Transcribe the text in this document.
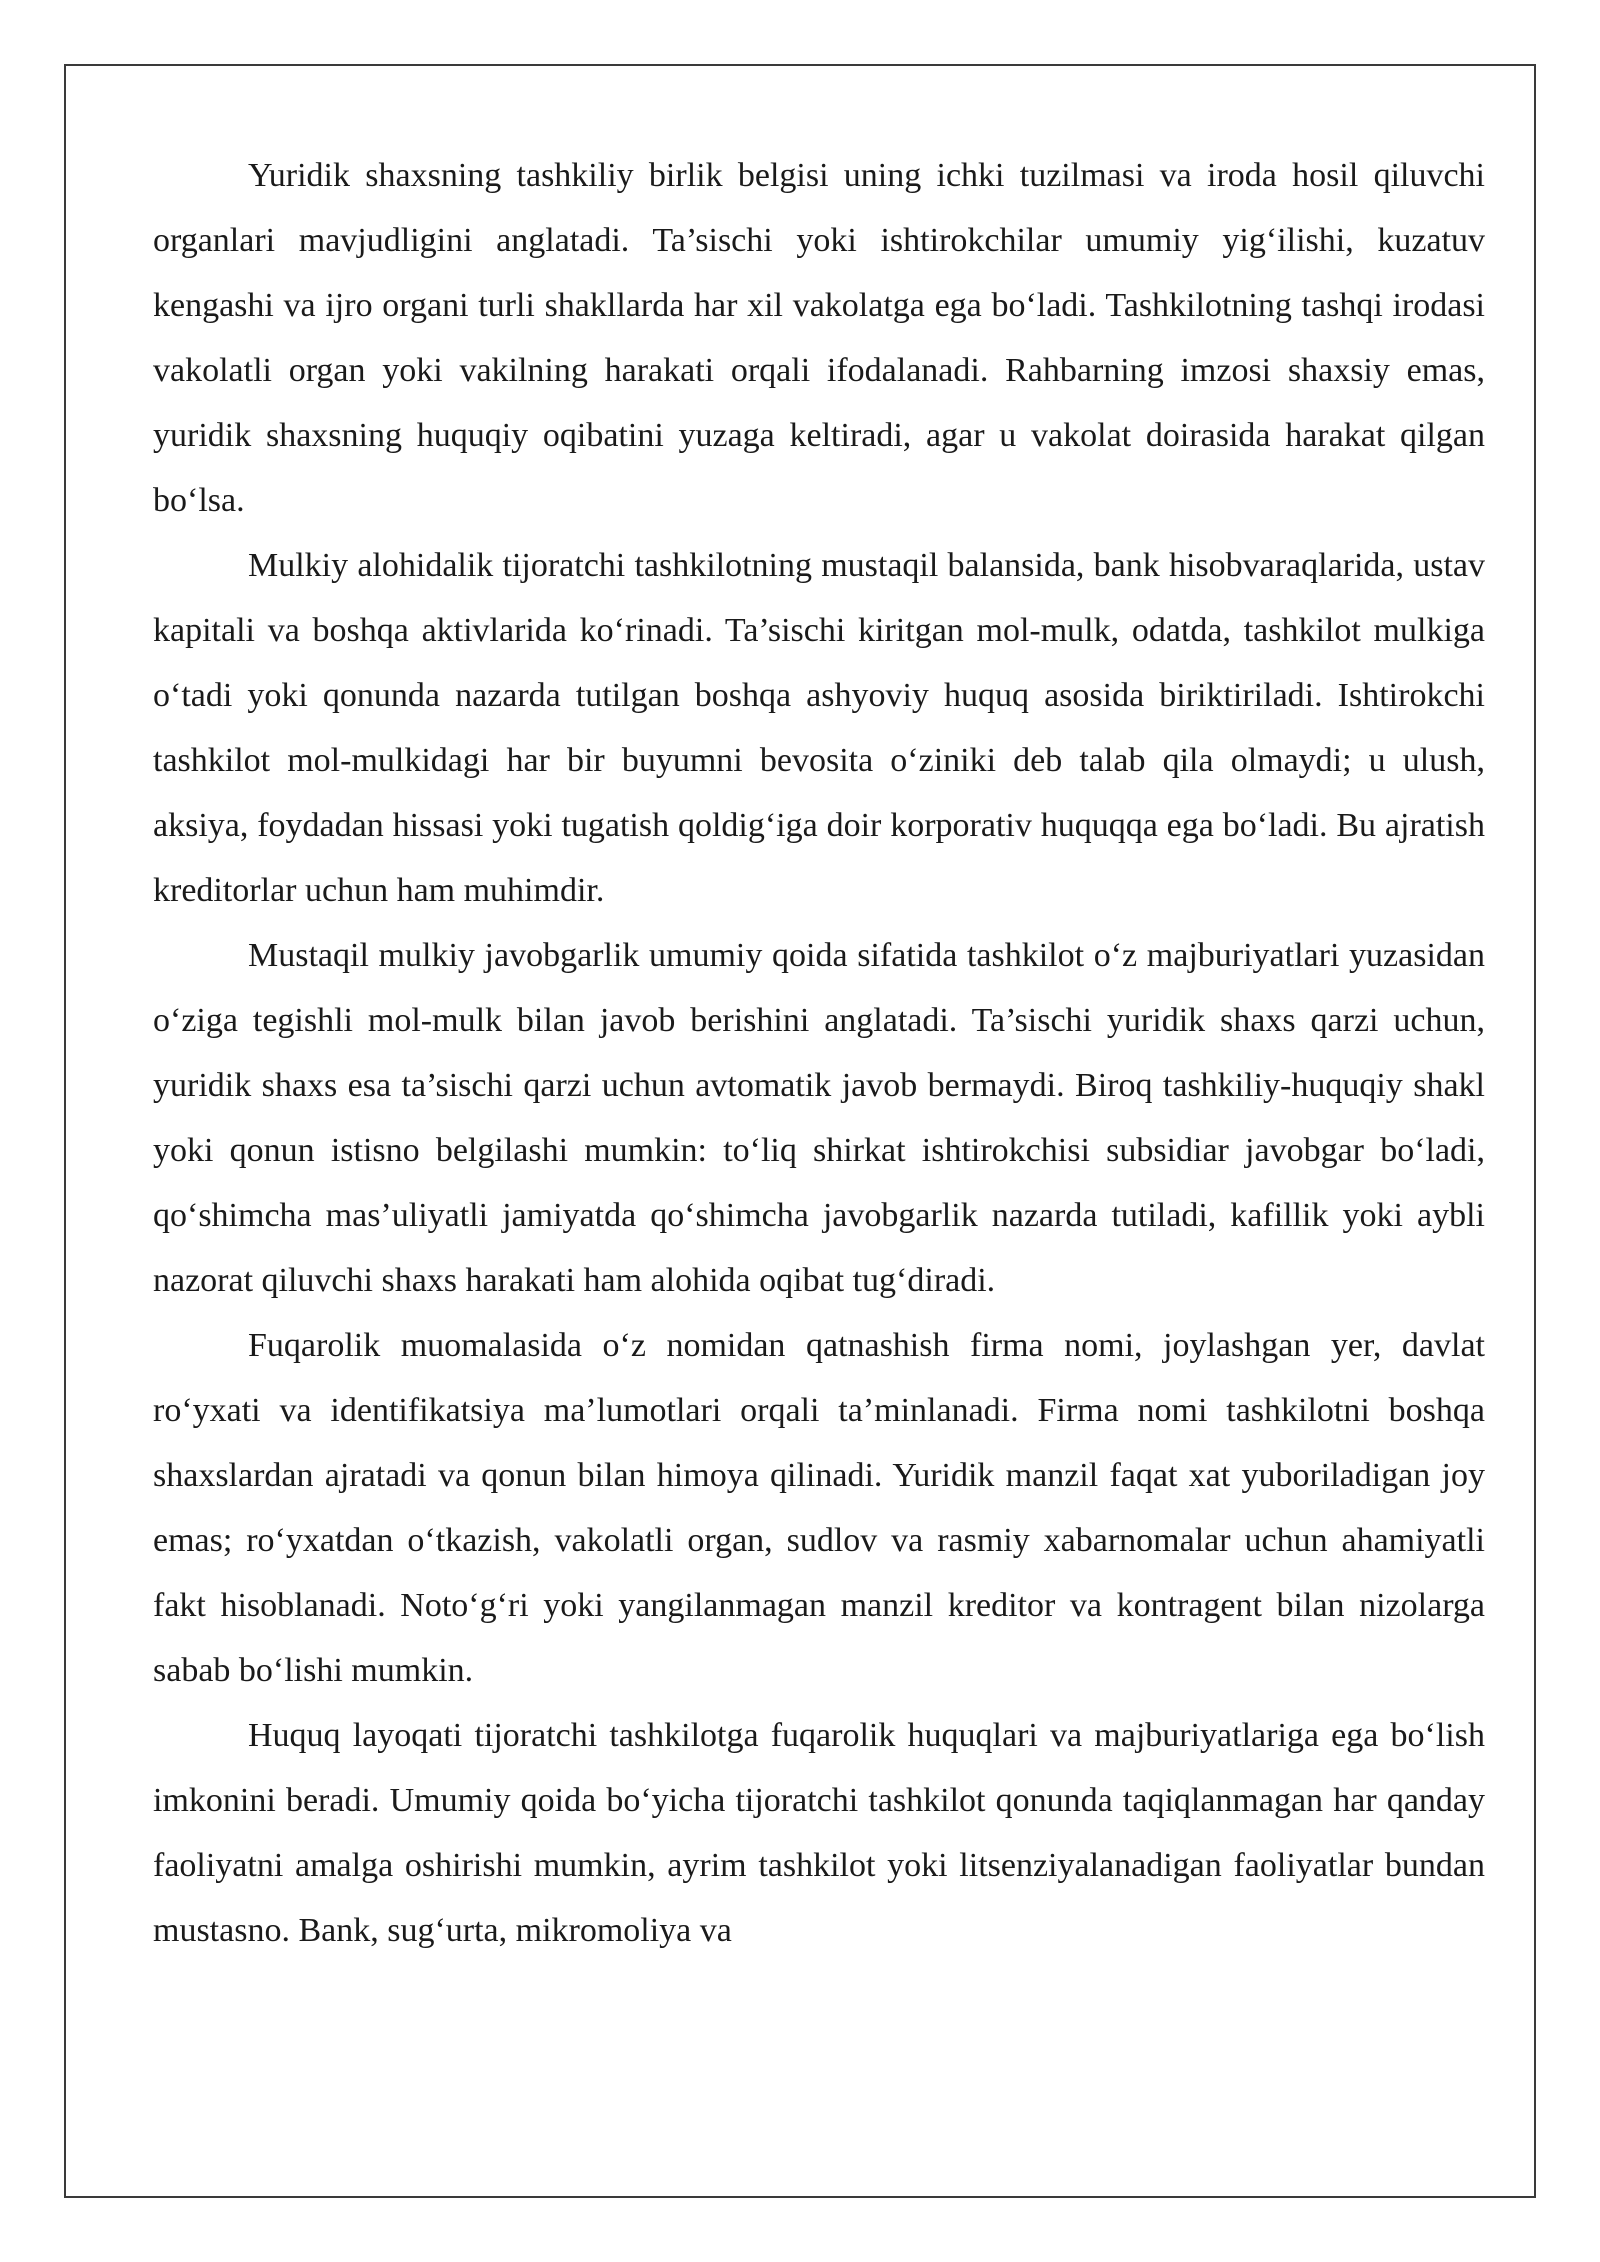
Yuridik shaxsning tashkiliy birlik belgisi uning ichki tuzilmasi va iroda hosil qiluvchi organlari mavjudligini anglatadi. Ta’sischi yoki ishtirokchilar umumiy yig‘ilishi, kuzatuv kengashi va ijro organi turli shakllarda har xil vakolatga ega bo‘ladi. Tashkilotning tashqi irodasi vakolatli organ yoki vakilning harakati orqali ifodalanadi. Rahbarning imzosi shaxsiy emas, yuridik shaxsning huquqiy oqibatini yuzaga keltiradi, agar u vakolat doirasida harakat qilgan bo‘lsa.

Mulkiy alohidalik tijoratchi tashkilotning mustaqil balansida, bank hisobvaraqlarida, ustav kapitali va boshqa aktivlarida ko‘rinadi. Ta’sischi kiritgan mol-mulk, odatda, tashkilot mulkiga o‘tadi yoki qonunda nazarda tutilgan boshqa ashyoviy huquq asosida biriktiriladi. Ishtirokchi tashkilot mol-mulkidagi har bir buyumni bevosita o‘ziniki deb talab qila olmaydi; u ulush, aksiya, foydadan hissasi yoki tugatish qoldig‘iga doir korporativ huquqqa ega bo‘ladi. Bu ajratish kreditorlar uchun ham muhimdir.

Mustaqil mulkiy javobgarlik umumiy qoida sifatida tashkilot o‘z majburiyatlari yuzasidan o‘ziga tegishli mol-mulk bilan javob berishini anglatadi. Ta’sischi yuridik shaxs qarzi uchun, yuridik shaxs esa ta’sischi qarzi uchun avtomatik javob bermaydi. Biroq tashkiliy-huquqiy shakl yoki qonun istisno belgilashi mumkin: to‘liq shirkat ishtirokchisi subsidiar javobgar bo‘ladi, qo‘shimcha mas’uliyatli jamiyatda qo‘shimcha javobgarlik nazarda tutiladi, kafillik yoki aybli nazorat qiluvchi shaxs harakati ham alohida oqibat tug‘diradi.

Fuqarolik muomalasida o‘z nomidan qatnashish firma nomi, joylashgan yer, davlat ro‘yxati va identifikatsiya ma’lumotlari orqali ta’minlanadi. Firma nomi tashkilotni boshqa shaxslardan ajratadi va qonun bilan himoya qilinadi. Yuridik manzil faqat xat yuboriladigan joy emas; ro‘yxatdan o‘tkazish, vakolatli organ, sudlov va rasmiy xabarnomalar uchun ahamiyatli fakt hisoblanadi. Noto‘g‘ri yoki yangilanmagan manzil kreditor va kontragent bilan nizolarga sabab bo‘lishi mumkin.

Huquq layoqati tijoratchi tashkilotga fuqarolik huquqlari va majburiyatlariga ega bo‘lish imkonini beradi. Umumiy qoida bo‘yicha tijoratchi tashkilot qonunda taqiqlanmagan har qanday faoliyatni amalga oshirishi mumkin, ayrim tashkilot yoki litsenziyalanadigan faoliyatlar bundan mustasno. Bank, sug‘urta, mikromoliya va
